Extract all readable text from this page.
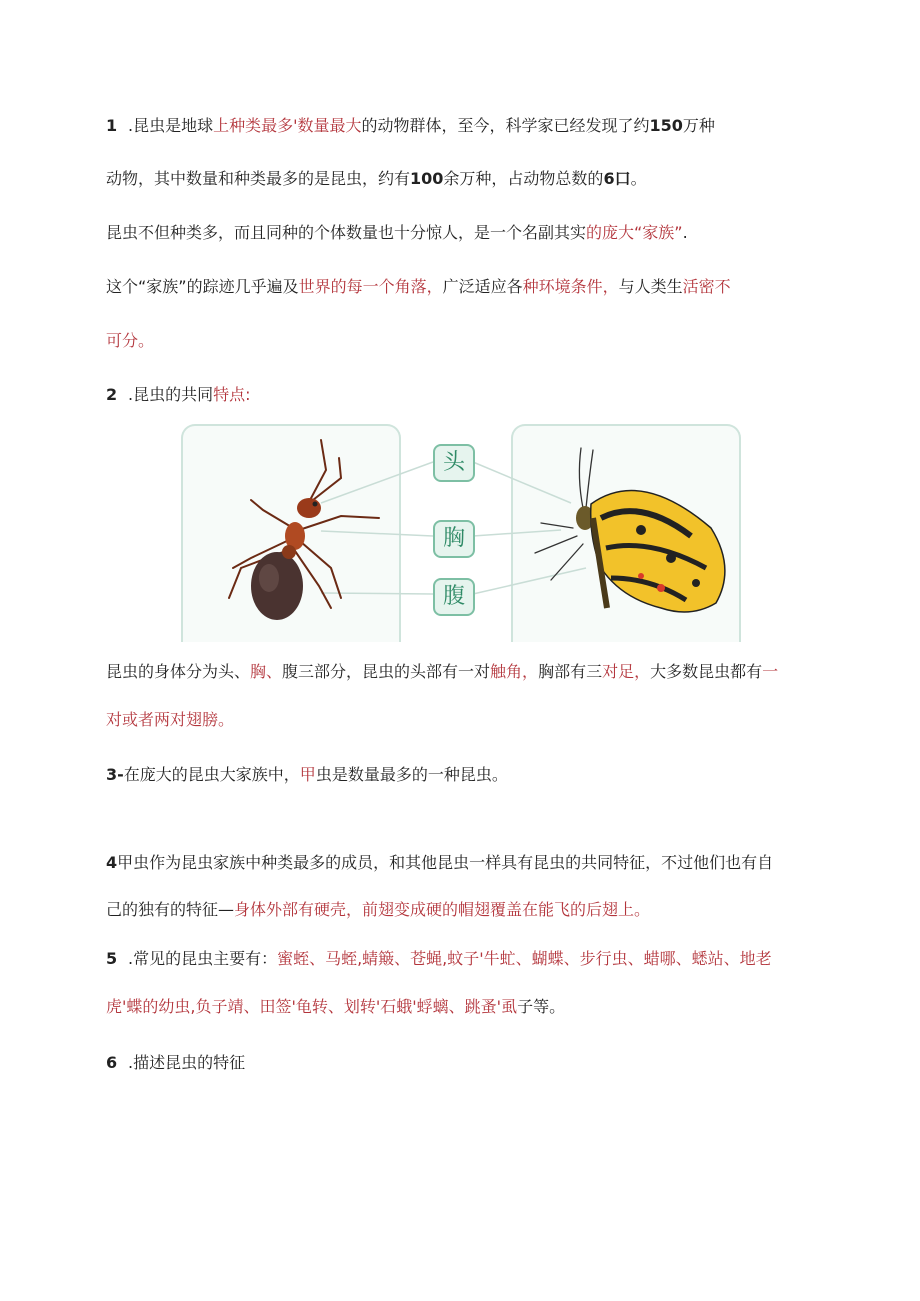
1 .昆虫是地球上种类最多'数量最大的动物群体，至今，科学家已经发现了约150万种
动物，其中数量和种类最多的是昆虫，约有100余万种，占动物总数的6口。
昆虫不但种类多，而且同种的个体数量也十分惊人，是一个名副其实的庞大“家族”.
这个“家族”的踪迹几乎遍及世界的每一个角落，广泛适应各种环境条件，与人类生活密不
可分。
2 .昆虫的共同特点:
头
胸
腹
昆虫的身体分为头、胸、腹三部分，昆虫的头部有一对触角，胸部有三对足，大多数昆虫都有一
对或者两对翅膀。
3-在庞大的昆虫大家族中，甲虫是数量最多的一种昆虫。
4甲虫作为昆虫家族中种类最多的成员，和其他昆虫一样具有昆虫的共同特征，不过他们也有自
己的独有的特征—身体外部有硬壳，前翅变成硬的帽翅覆盖在能飞的后翅上。
5 .常见的昆虫主要有：蜜蛭、马蛭,蜻簸、苍蝇,蚊子'牛虻、蝴蝶、步行虫、蜡哪、蟋站、地老
虎'蝶的幼虫,负子靖、田签'龟转、划转'石蛾'蜉螭、跳蚤'虱子等。
6 .描述昆虫的特征
